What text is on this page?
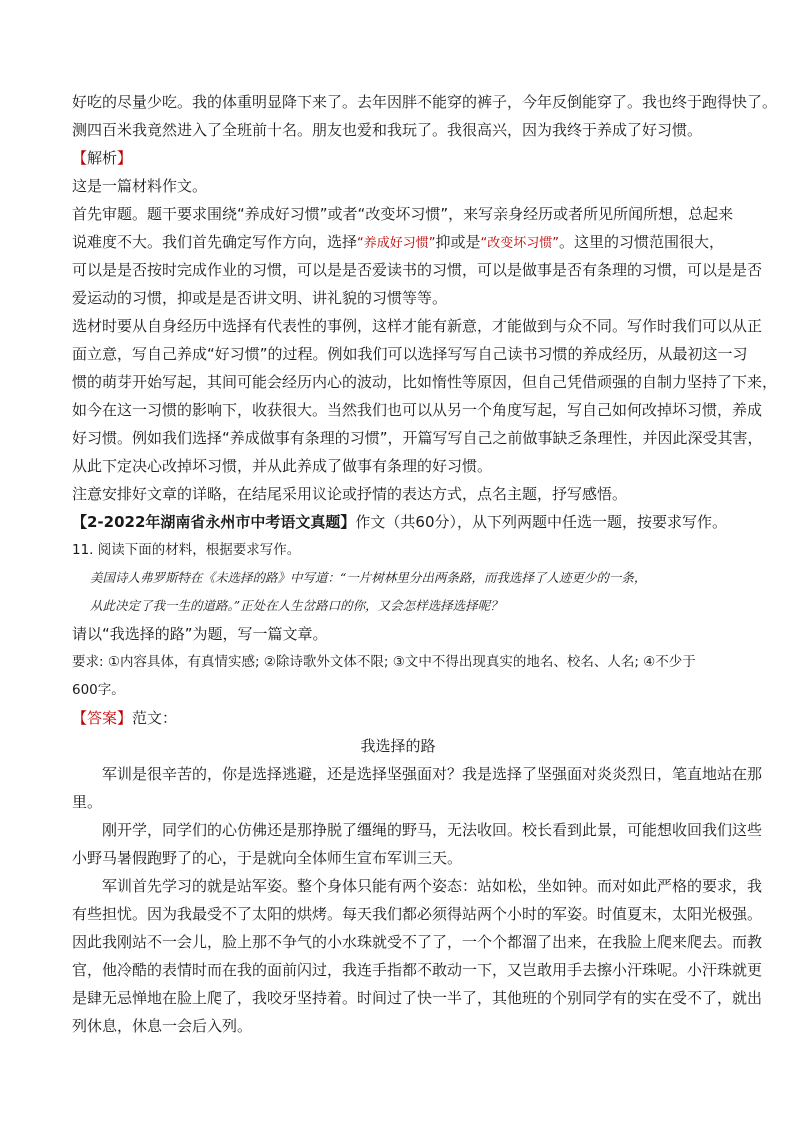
好吃的尽量少吃。我的体重明显降下来了。去年因胖不能穿的裤子，今年反倒能穿了。我也终于跑得快了。
测四百米我竟然进入了全班前十名。朋友也爱和我玩了。我很高兴，因为我终于养成了好习惯。
【解析】
这是一篇材料作文。
首先审题。题干要求围绕“养成好习惯”或者“改变坏习惯”，来写亲身经历或者所见所闻所想，总起来
说难度不大。我们首先确定写作方向，选择“养成好习惯”抑或是“改变坏习惯”。这里的习惯范围很大，
可以是是否按时完成作业的习惯，可以是是否爱读书的习惯，可以是做事是否有条理的习惯，可以是是否
爱运动的习惯，抑或是是否讲文明、讲礼貌的习惯等等。
选材时要从自身经历中选择有代表性的事例，这样才能有新意，才能做到与众不同。写作时我们可以从正
面立意，写自己养成“好习惯”的过程。例如我们可以选择写写自己读书习惯的养成经历，从最初这一习
惯的萌芽开始写起，其间可能会经历内心的波动，比如惰性等原因，但自己凭借顽强的自制力坚持了下来，
如今在这一习惯的影响下，收获很大。当然我们也可以从另一个角度写起，写自己如何改掉坏习惯，养成
好习惯。例如我们选择“养成做事有条理的习惯”，开篇写写自己之前做事缺乏条理性，并因此深受其害，
从此下定决心改掉坏习惯，并从此养成了做事有条理的好习惯。
注意安排好文章的详略，在结尾采用议论或抒情的表达方式，点名主题，抒写感悟。
【2-2022年湖南省永州市中考语文真题】作文（共60分），从下列两题中任选一题，按要求写作。
11. 阅读下面的材料，根据要求写作。
美国诗人弗罗斯特在《未选择的路》中写道：“一片树林里分出两条路，而我选择了人迹更少的一条，
从此决定了我一生的道路。”正处在人生岔路口的你，又会怎样选择选择呢？
请以“我选择的路”为题，写一篇文章。
要求: ①内容具体，有真情实感; ②除诗歌外文体不限; ③文中不得出现真实的地名、校名、人名; ④不少于
600字。
【答案】范文：
我选择的路
军训是很辛苦的，你是选择逃避，还是选择坚强面对？我是选择了坚强面对炎炎烈日，笔直地站在那
里。
刚开学，同学们的心仿佛还是那挣脱了缰绳的野马，无法收回。校长看到此景，可能想收回我们这些
小野马暑假跑野了的心，于是就向全体师生宣布军训三天。
军训首先学习的就是站军姿。整个身体只能有两个姿态：站如松，坐如钟。而对如此严格的要求，我
有些担忧。因为我最受不了太阳的烘烤。每天我们都必须得站两个小时的军姿。时值夏末，太阳光极强。
因此我刚站不一会儿，脸上那不争气的小水珠就受不了了，一个个都溜了出来，在我脸上爬来爬去。而教
官，他冷酷的表情时而在我的面前闪过，我连手指都不敢动一下，又岂敢用手去擦小汗珠呢。小汗珠就更
是肆无忌惮地在脸上爬了，我咬牙坚持着。时间过了快一半了，其他班的个别同学有的实在受不了，就出
列休息，休息一会后入列。
